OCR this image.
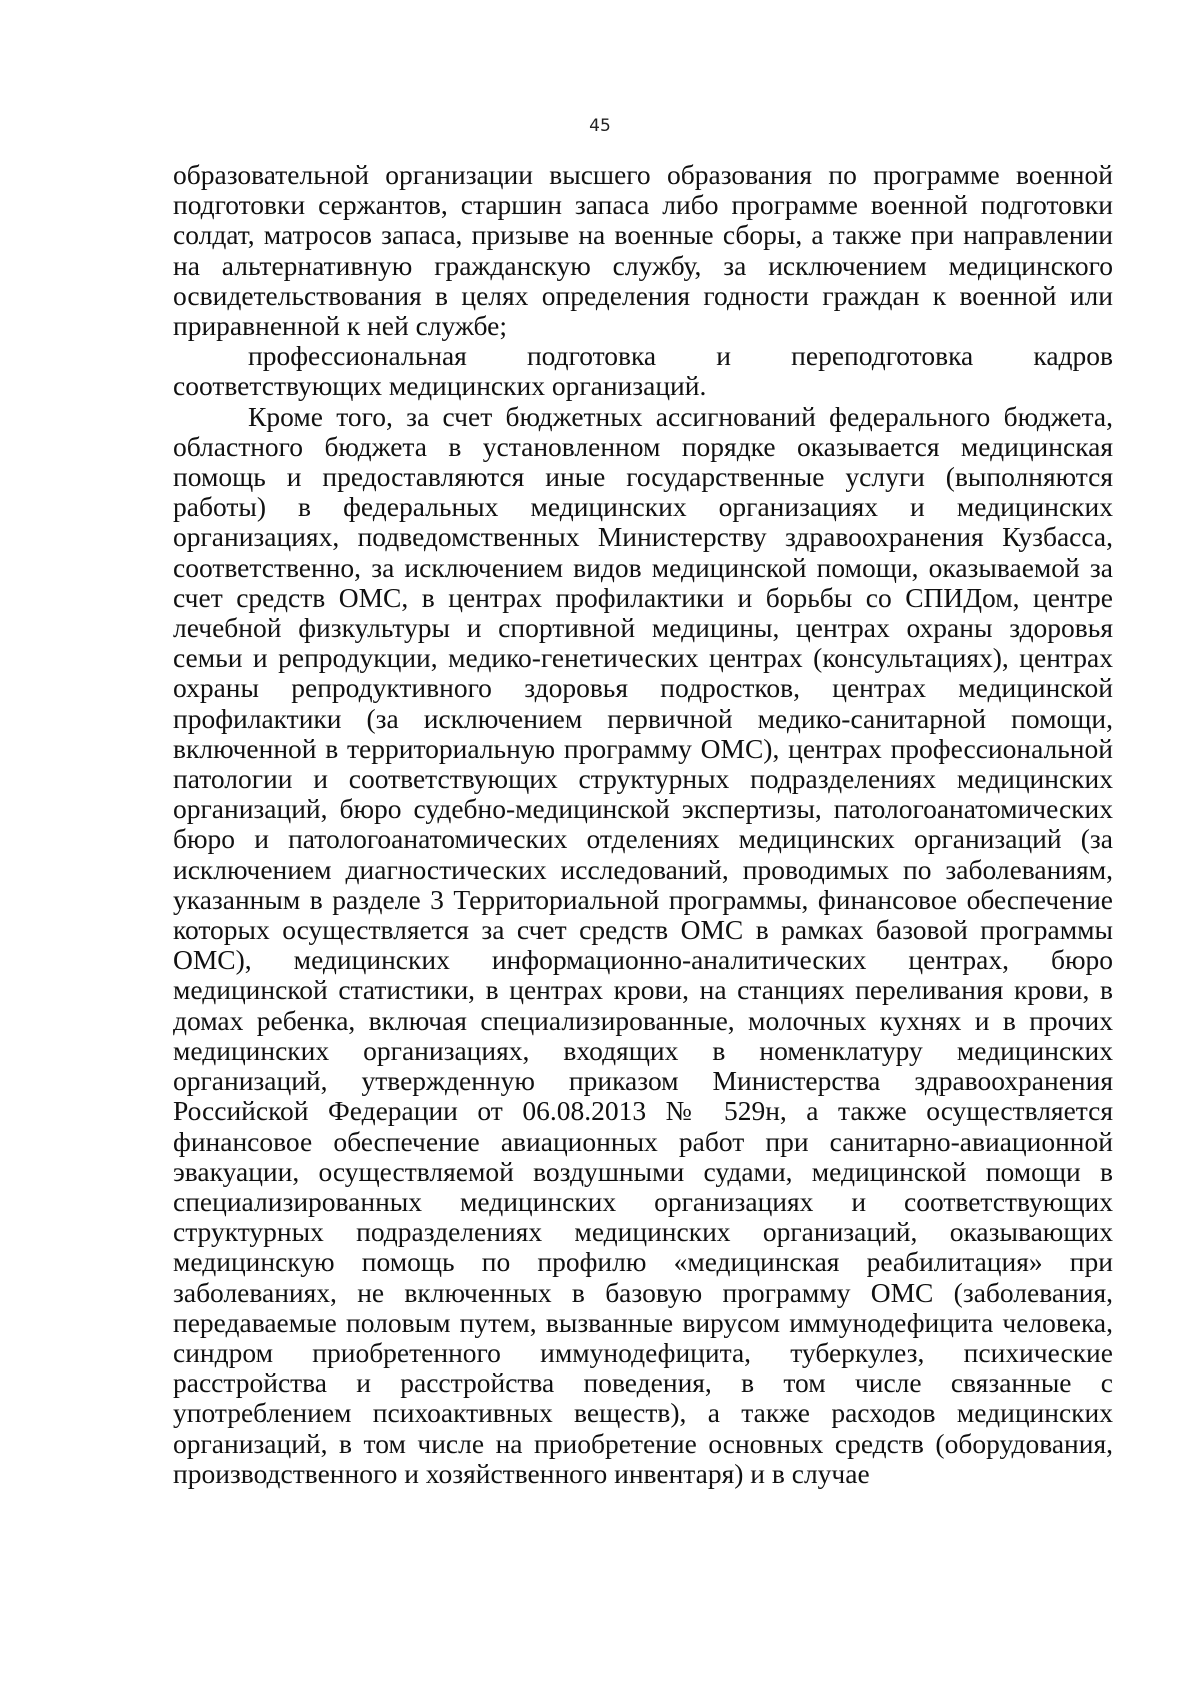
45

образовательной организации высшего образования по программе военной подготовки сержантов, старшин запаса либо программе военной подготовки солдат, матросов запаса, призыве на военные сборы, а также при направлении на альтернативную гражданскую службу, за исключением медицинского освидетельствования в целях определения годности граждан к военной или приравненной к ней службе;

профессиональная подготовка и переподготовка кадров соответствующих медицинских организаций.

Кроме того, за счет бюджетных ассигнований федерального бюджета, областного бюджета в установленном порядке оказывается медицинская помощь и предоставляются иные государственные услуги (выполняются работы) в федеральных медицинских организациях и медицинских организациях, подведомственных Министерству здравоохранения Кузбасса, соответственно, за исключением видов медицинской помощи, оказываемой за счет средств ОМС, в центрах профилактики и борьбы со СПИДом, центре лечебной физкультуры и спортивной медицины, центрах охраны здоровья семьи и репродукции, медико-генетических центрах (консультациях), центрах охраны репродуктивного здоровья подростков, центрах медицинской профилактики (за исключением первичной медико-санитарной помощи, включенной в территориальную программу ОМС), центрах профессиональной патологии и соответствующих структурных подразделениях медицинских организаций, бюро судебно-медицинской экспертизы, патологоанатомических бюро и патологоанатомических отделениях медицинских организаций (за исключением диагностических исследований, проводимых по заболеваниям, указанным в разделе 3 Территориальной программы, финансовое обеспечение которых осуществляется за счет средств ОМС в рамках базовой программы ОМС), медицинских информационно-аналитических центрах, бюро медицинской статистики, в центрах крови, на станциях переливания крови, в домах ребенка, включая специализированные, молочных кухнях и в прочих медицинских организациях, входящих в номенклатуру медицинских организаций, утвержденную приказом Министерства здравоохранения Российской Федерации от 06.08.2013 № 529н, а также осуществляется финансовое обеспечение авиационных работ при санитарно-авиационной эвакуации, осуществляемой воздушными судами, медицинской помощи в специализированных медицинских организациях и соответствующих структурных подразделениях медицинских организаций, оказывающих медицинскую помощь по профилю «медицинская реабилитация» при заболеваниях, не включенных в базовую программу ОМС (заболевания, передаваемые половым путем, вызванные вирусом иммунодефицита человека, синдром приобретенного иммунодефицита, туберкулез, психические расстройства и расстройства поведения, в том числе связанные с употреблением психоактивных веществ), а также расходов медицинских организаций, в том числе на приобретение основных средств (оборудования, производственного и хозяйственного инвентаря) и в случае
